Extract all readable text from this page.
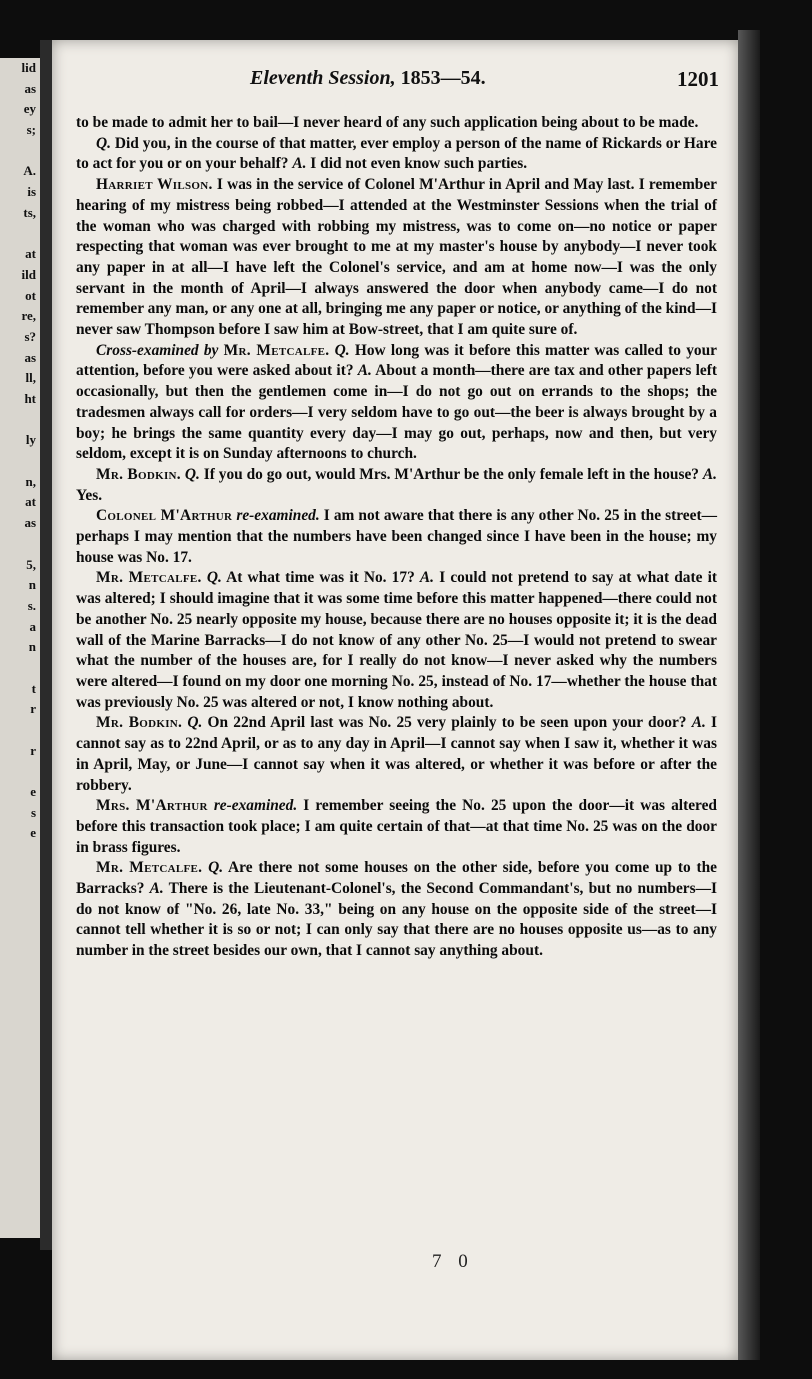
lid
as
ey
s;
A.
is
ts,
at
ild
ot
re,
s?
as
ll,
ht
ly
n,
at
as
5,
n
s.
a
n
t
r
r
e
s
e
Eleventh Session, 1853—54.	1201

to be made to admit her to bail—I never heard of any such application being about to be made.

Q. Did you, in the course of that matter, ever employ a person of the name of Rickards or Hare to act for you or on your behalf? A. I did not even know such parties.

Harriet Wilson. I was in the service of Colonel M'Arthur in April and May last. I remember hearing of my mistress being robbed—I attended at the Westminster Sessions when the trial of the woman who was charged with robbing my mistress, was to come on—no notice or paper respecting that woman was ever brought to me at my master's house by anybody—I never took any paper in at all—I have left the Colonel's service, and am at home now—I was the only servant in the month of April—I always answered the door when anybody came—I do not remember any man, or any one at all, bringing me any paper or notice, or anything of the kind—I never saw Thompson before I saw him at Bow-street, that I am quite sure of.

Cross-examined by Mr. Metcalfe. Q. How long was it before this matter was called to your attention, before you were asked about it? A. About a month—there are tax and other papers left occasionally, but then the gentlemen come in—I do not go out on errands to the shops; the tradesmen always call for orders—I very seldom have to go out—the beer is always brought by a boy; he brings the same quantity every day—I may go out, perhaps, now and then, but very seldom, except it is on Sunday afternoons to church.

Mr. Bodkin. Q. If you do go out, would Mrs. M'Arthur be the only female left in the house? A. Yes.

Colonel M'Arthur re-examined. I am not aware that there is any other No. 25 in the street—perhaps I may mention that the numbers have been changed since I have been in the house; my house was No. 17.

Mr. Metcalfe. Q. At what time was it No. 17? A. I could not pretend to say at what date it was altered; I should imagine that it was some time before this matter happened—there could not be another No. 25 nearly opposite my house, because there are no houses opposite it; it is the dead wall of the Marine Barracks—I do not know of any other No. 25—I would not pretend to swear what the number of the houses are, for I really do not know—I never asked why the numbers were altered—I found on my door one morning No. 25, instead of No. 17—whether the house that was previously No. 25 was altered or not, I know nothing about.

Mr. Bodkin. Q. On 22nd April last was No. 25 very plainly to be seen upon your door? A. I cannot say as to 22nd April, or as to any day in April—I cannot say when I saw it, whether it was in April, May, or June—I cannot say when it was altered, or whether it was before or after the robbery.

Mrs. M'Arthur re-examined. I remember seeing the No. 25 upon the door—it was altered before this transaction took place; I am quite certain of that—at that time No. 25 was on the door in brass figures.

Mr. Metcalfe. Q. Are there not some houses on the other side, before you come up to the Barracks? A. There is the Lieutenant-Colonel's, the Second Commandant's, but no numbers—I do not know of "No. 26, late No. 33," being on any house on the opposite side of the street—I cannot tell whether it is so or not; I can only say that there are no houses opposite us—as to any number in the street besides our own, that I cannot say anything about.

7 0
